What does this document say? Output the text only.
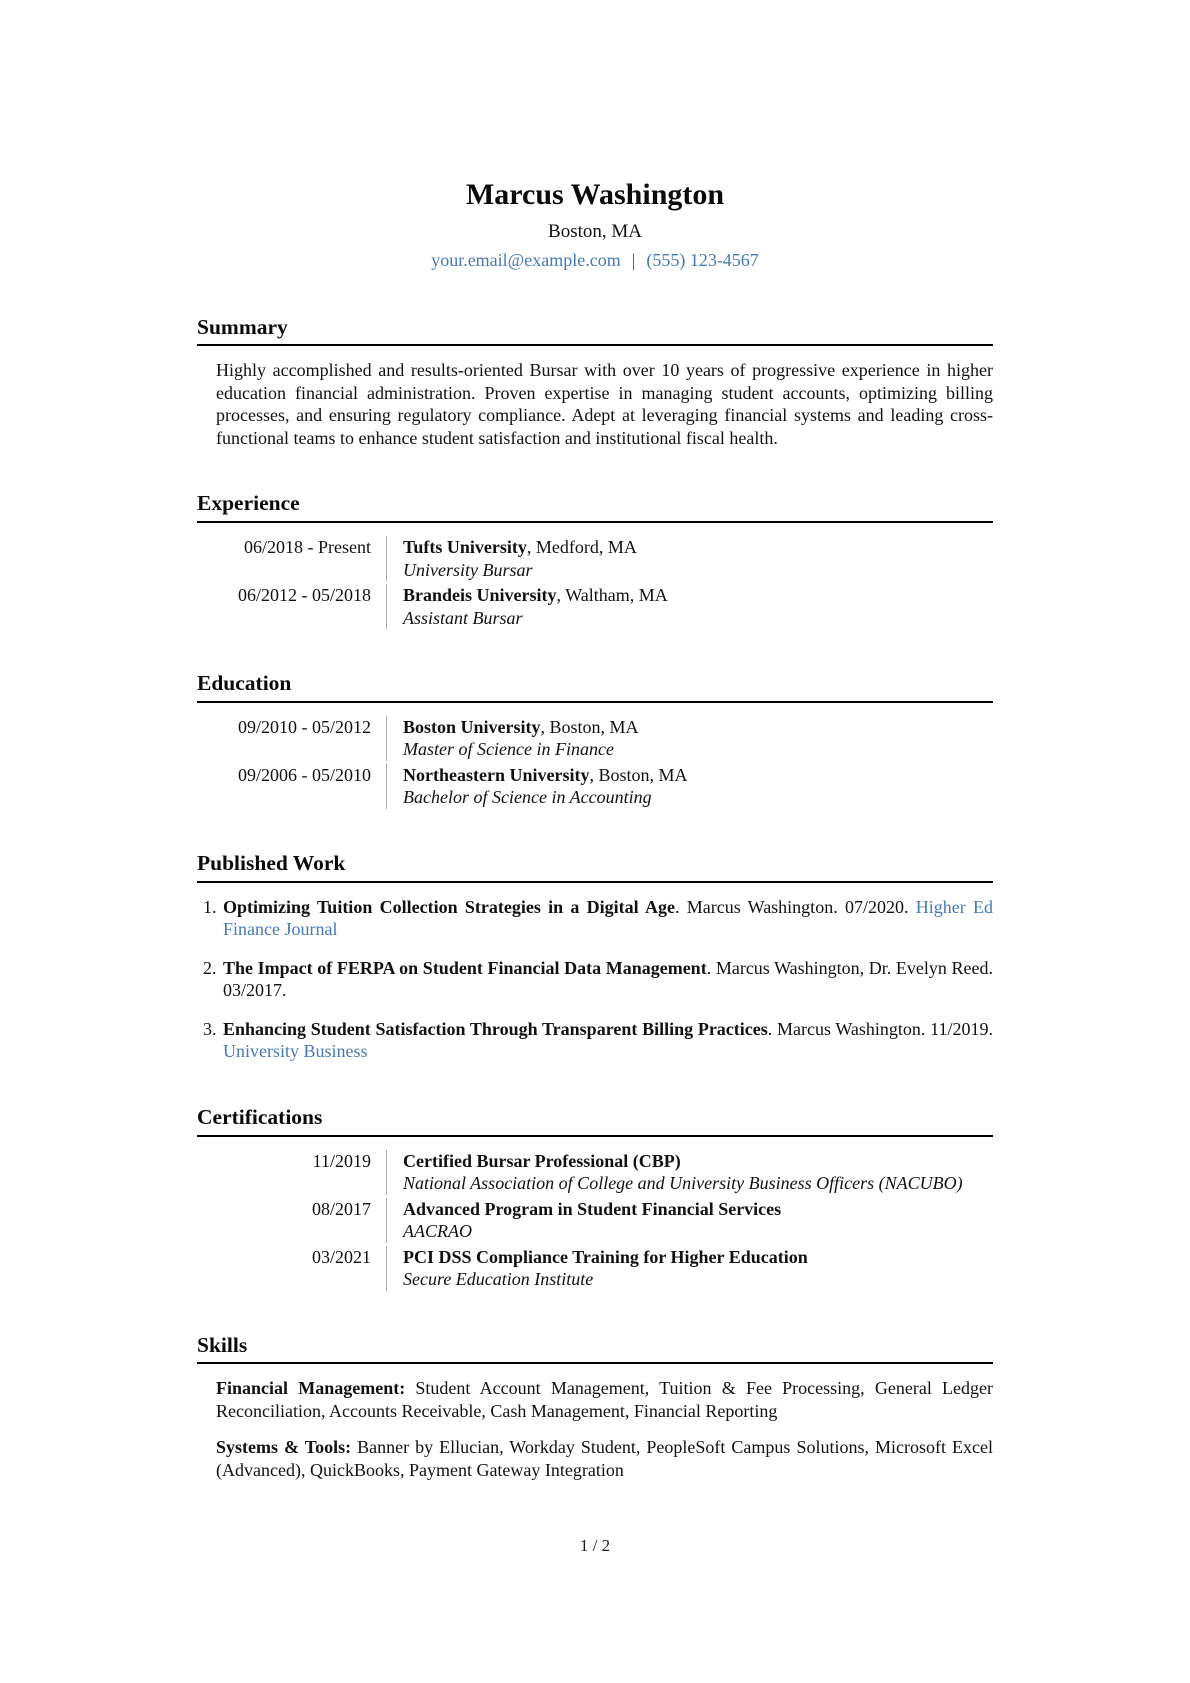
Marcus Washington
Boston, MA
your.email@example.com | (555) 123-4567
Summary

Highly accomplished and results-oriented Bursar with over 10 years of progressive experience in higher education financial administration. Proven expertise in managing student accounts, optimizing billing processes, and ensuring regulatory compliance. Adept at leveraging financial systems and leading cross-functional teams to enhance student satisfaction and institutional fiscal health.

Experience
06/2018 - Present Tufts University, Medford, MA
University Bursar
06/2012 - 05/2018 Brandeis University, Waltham, MA
Assistant Bursar
Education
09/2010 - 05/2012 Boston University, Boston, MA
Master of Science in Finance
09/2006 - 05/2010 Northeastern University, Boston, MA
Bachelor of Science in Accounting
Published Work
1. Optimizing Tuition Collection Strategies in a Digital Age. Marcus Washington. 07/2020. Higher Ed Finance Journal
2. The Impact of FERPA on Student Financial Data Management. Marcus Washington, Dr. Evelyn Reed. 03/2017.
3. Enhancing Student Satisfaction Through Transparent Billing Practices. Marcus Washington. 11/2019. University Business
Certifications
11/2019 Certified Bursar Professional (CBP)
National Association of College and University Business Officers (NACUBO)
08/2017 Advanced Program in Student Financial Services
AACRAO
03/2021 PCI DSS Compliance Training for Higher Education
Secure Education Institute
Skills

Financial Management: Student Account Management, Tuition & Fee Processing, General Ledger Reconciliation, Accounts Receivable, Cash Management, Financial Reporting

Systems & Tools: Banner by Ellucian, Workday Student, PeopleSoft Campus Solutions, Microsoft Excel (Advanced), QuickBooks, Payment Gateway Integration

1 / 2
